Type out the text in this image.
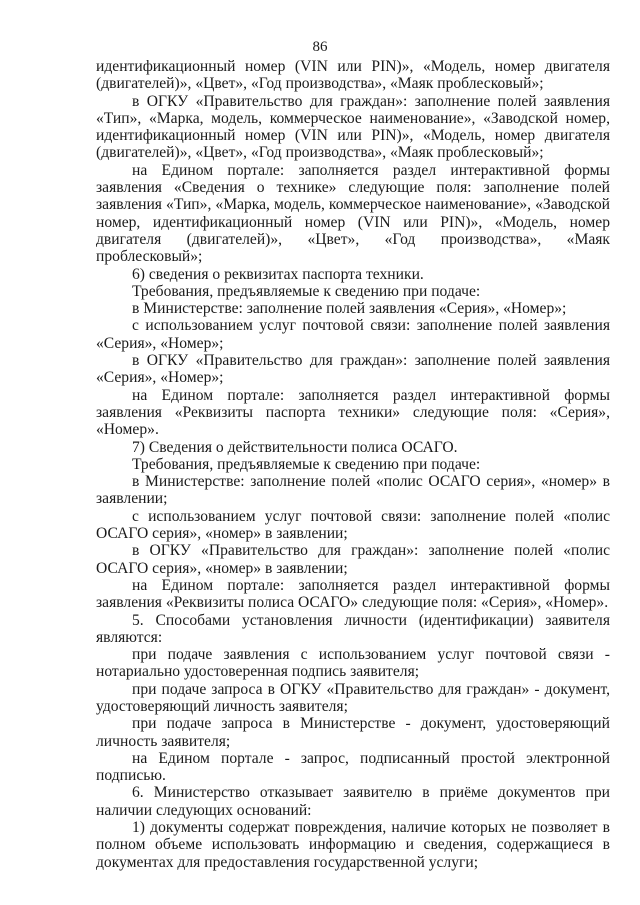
86

идентификационный номер (VIN или PIN)», «Модель, номер двигателя (двигателей)», «Цвет», «Год производства», «Маяк проблесковый»;

в ОГКУ «Правительство для граждан»: заполнение полей заявления «Тип», «Марка, модель, коммерческое наименование», «Заводской номер, идентификационный номер (VIN или PIN)», «Модель, номер двигателя (двигателей)», «Цвет», «Год производства», «Маяк проблесковый»;

на Едином портале: заполняется раздел интерактивной формы заявления «Сведения о технике» следующие поля: заполнение полей заявления «Тип», «Марка, модель, коммерческое наименование», «Заводской номер, идентификационный номер (VIN или PIN)», «Модель, номер двигателя (двигателей)», «Цвет», «Год производства», «Маяк проблесковый»;

6) сведения о реквизитах паспорта техники.

Требования, предъявляемые к сведению при подаче:

в Министерстве: заполнение полей заявления «Серия», «Номер»;

с использованием услуг почтовой связи: заполнение полей заявления «Серия», «Номер»;

в ОГКУ «Правительство для граждан»: заполнение полей заявления «Серия», «Номер»;

на Едином портале: заполняется раздел интерактивной формы заявления «Реквизиты паспорта техники» следующие поля: «Серия», «Номер».

7) Сведения о действительности полиса ОСАГО.

Требования, предъявляемые к сведению при подаче:

в Министерстве: заполнение полей «полис ОСАГО серия», «номер» в заявлении;

с использованием услуг почтовой связи: заполнение полей «полис ОСАГО серия», «номер» в заявлении;

в ОГКУ «Правительство для граждан»: заполнение полей «полис ОСАГО серия», «номер» в заявлении;

на Едином портале: заполняется раздел интерактивной формы заявления «Реквизиты полиса ОСАГО» следующие поля: «Серия», «Номер».

5. Способами установления личности (идентификации) заявителя являются:

при подаче заявления с использованием услуг почтовой связи - нотариально удостоверенная подпись заявителя;

при подаче запроса в ОГКУ «Правительство для граждан» - документ, удостоверяющий личность заявителя;

при подаче запроса в Министерстве - документ, удостоверяющий личность заявителя;

на Едином портале - запрос, подписанный простой электронной подписью.

6. Министерство отказывает заявителю в приёме документов при наличии следующих оснований:

1) документы содержат повреждения, наличие которых не позволяет в полном объеме использовать информацию и сведения, содержащиеся в документах для предоставления государственной услуги;
